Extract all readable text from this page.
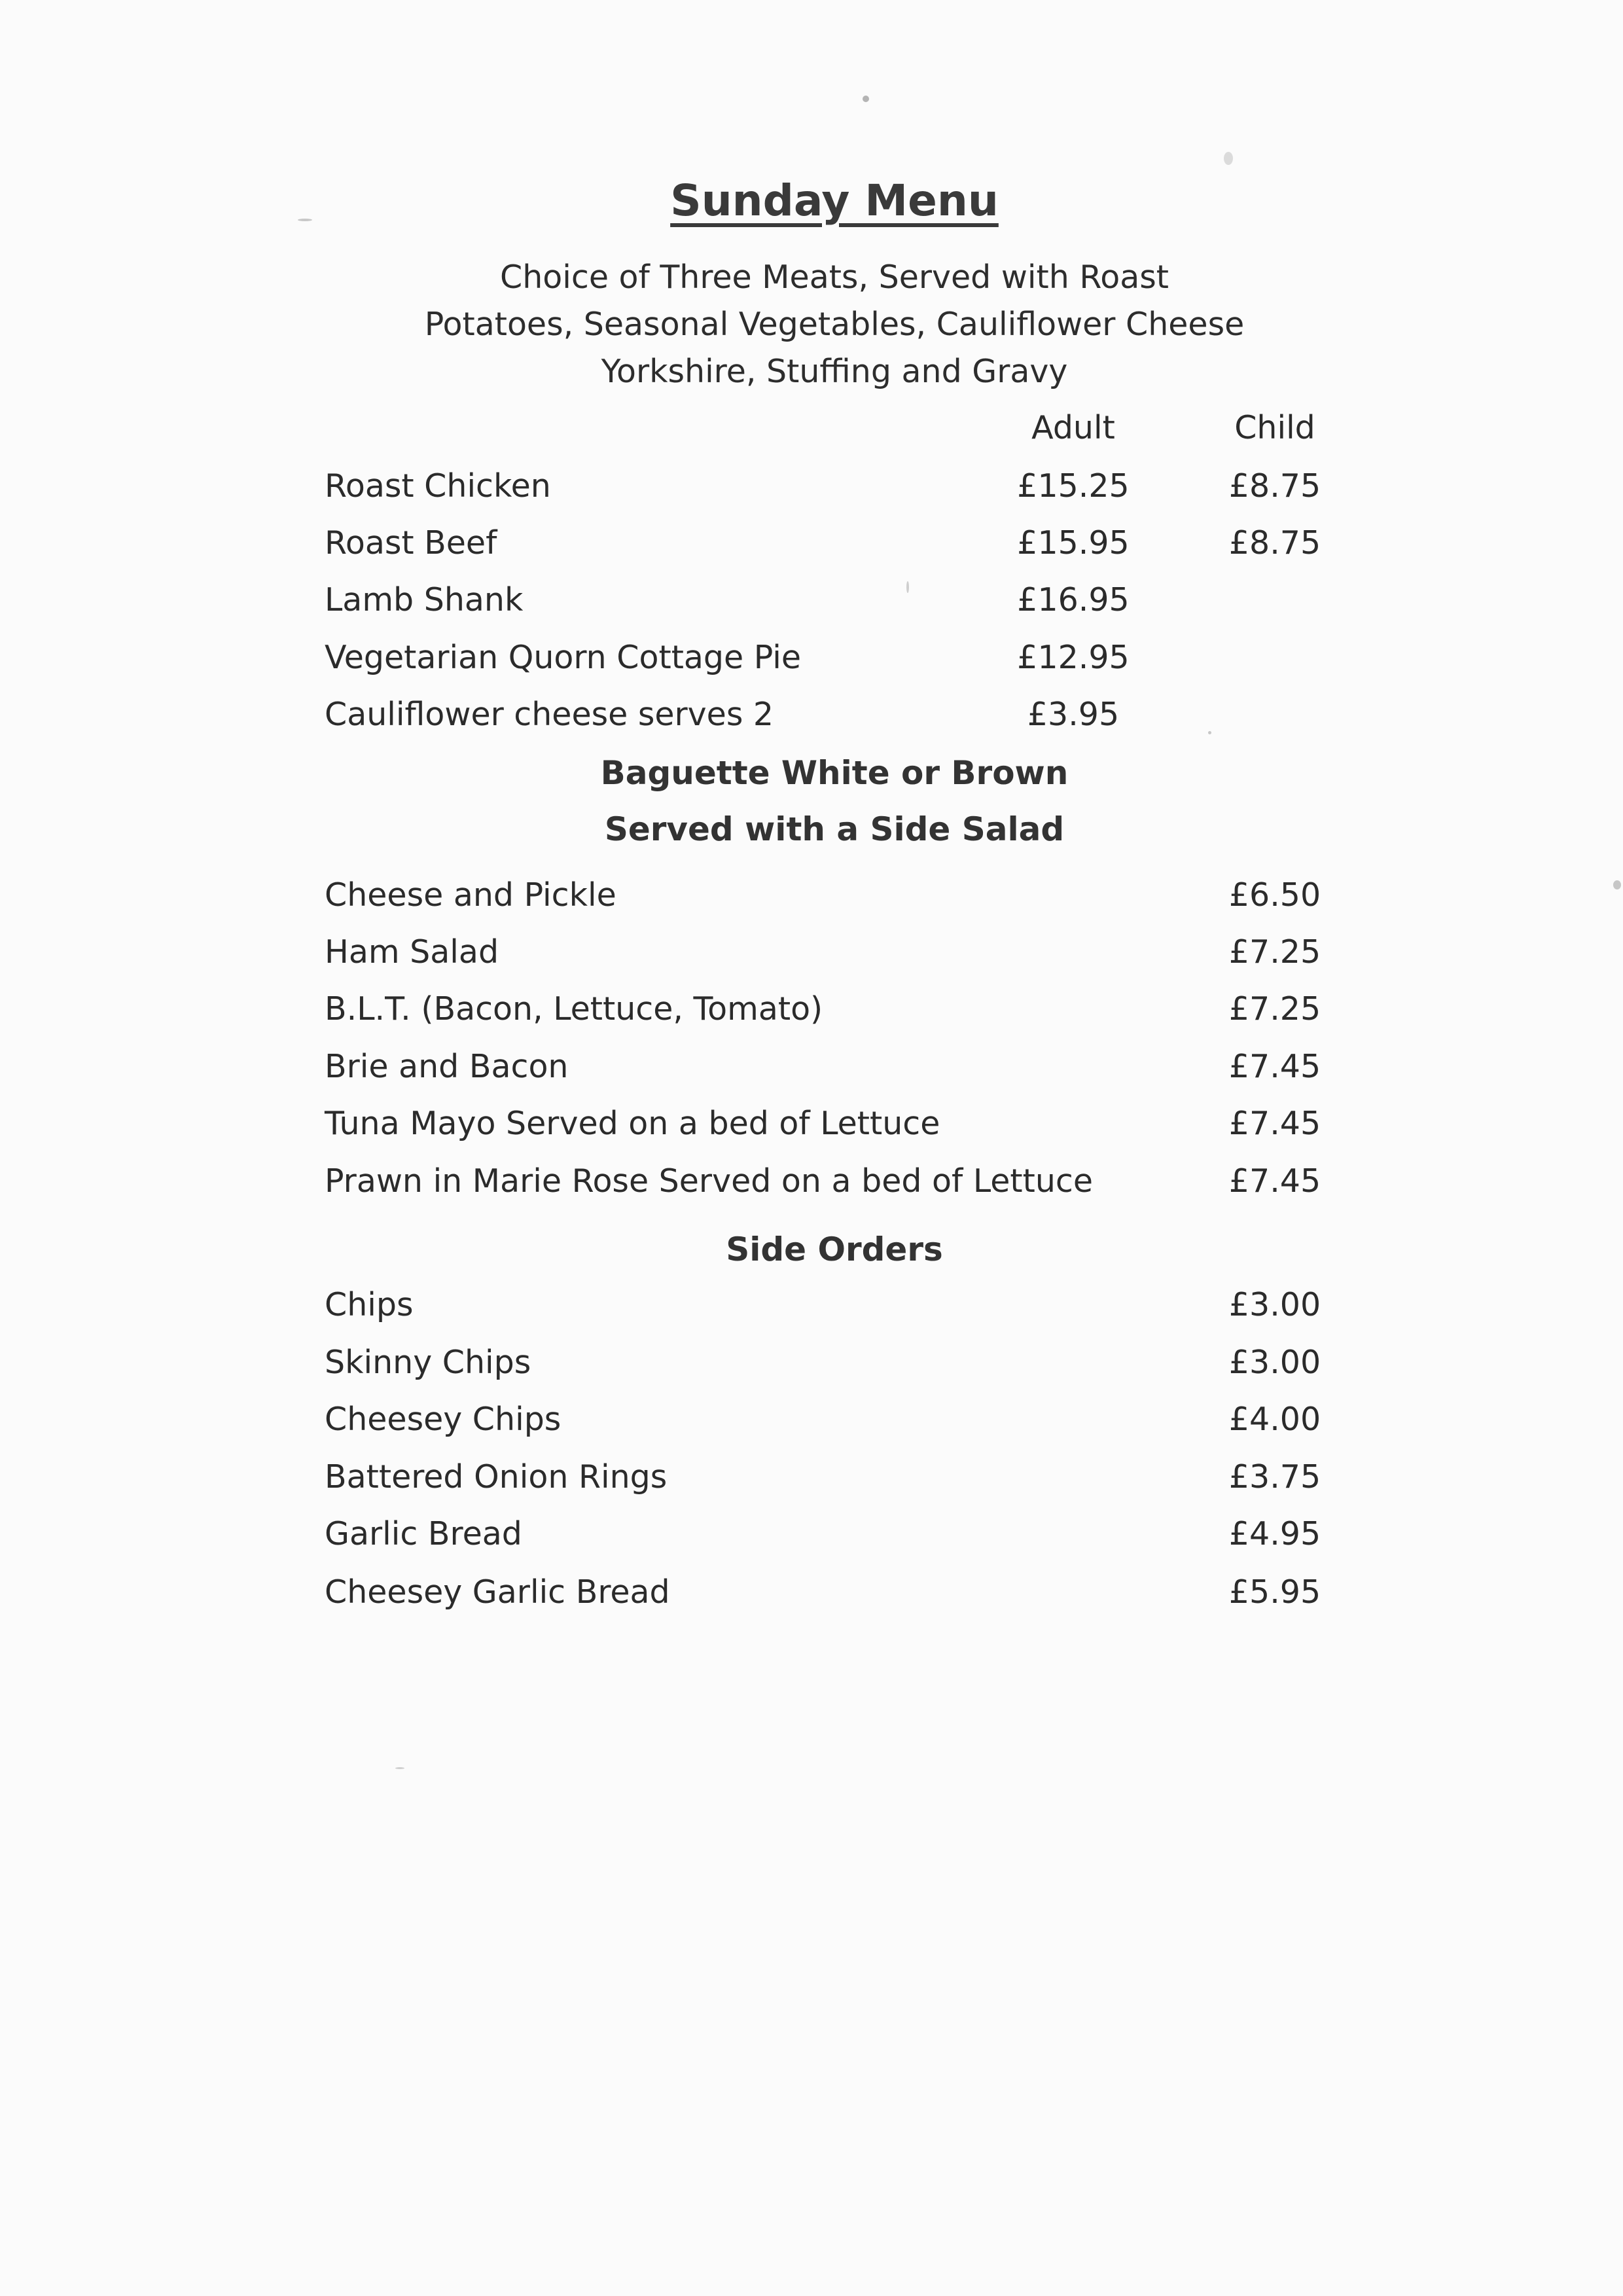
Sunday Menu
Choice of Three Meats, Served with Roast
Potatoes, Seasonal Vegetables, Cauliflower Cheese
Yorkshire, Stuffing and Gravy
Adult	Child
Roast Chicken	£15.25	£8.75
Roast Beef	£15.95	£8.75
Lamb Shank	£16.95
Vegetarian Quorn Cottage Pie	£12.95
Cauliflower cheese serves 2	£3.95
Baguette White or Brown
Served with a Side Salad
Cheese and Pickle	£6.50
Ham Salad	£7.25
B.L.T. (Bacon, Lettuce, Tomato)	£7.25
Brie and Bacon	£7.45
Tuna Mayo Served on a bed of Lettuce	£7.45
Prawn in Marie Rose Served on a bed of Lettuce	£7.45
Side Orders
Chips	£3.00
Skinny Chips	£3.00
Cheesey Chips	£4.00
Battered Onion Rings	£3.75
Garlic Bread	£4.95
Cheesey Garlic Bread	£5.95
